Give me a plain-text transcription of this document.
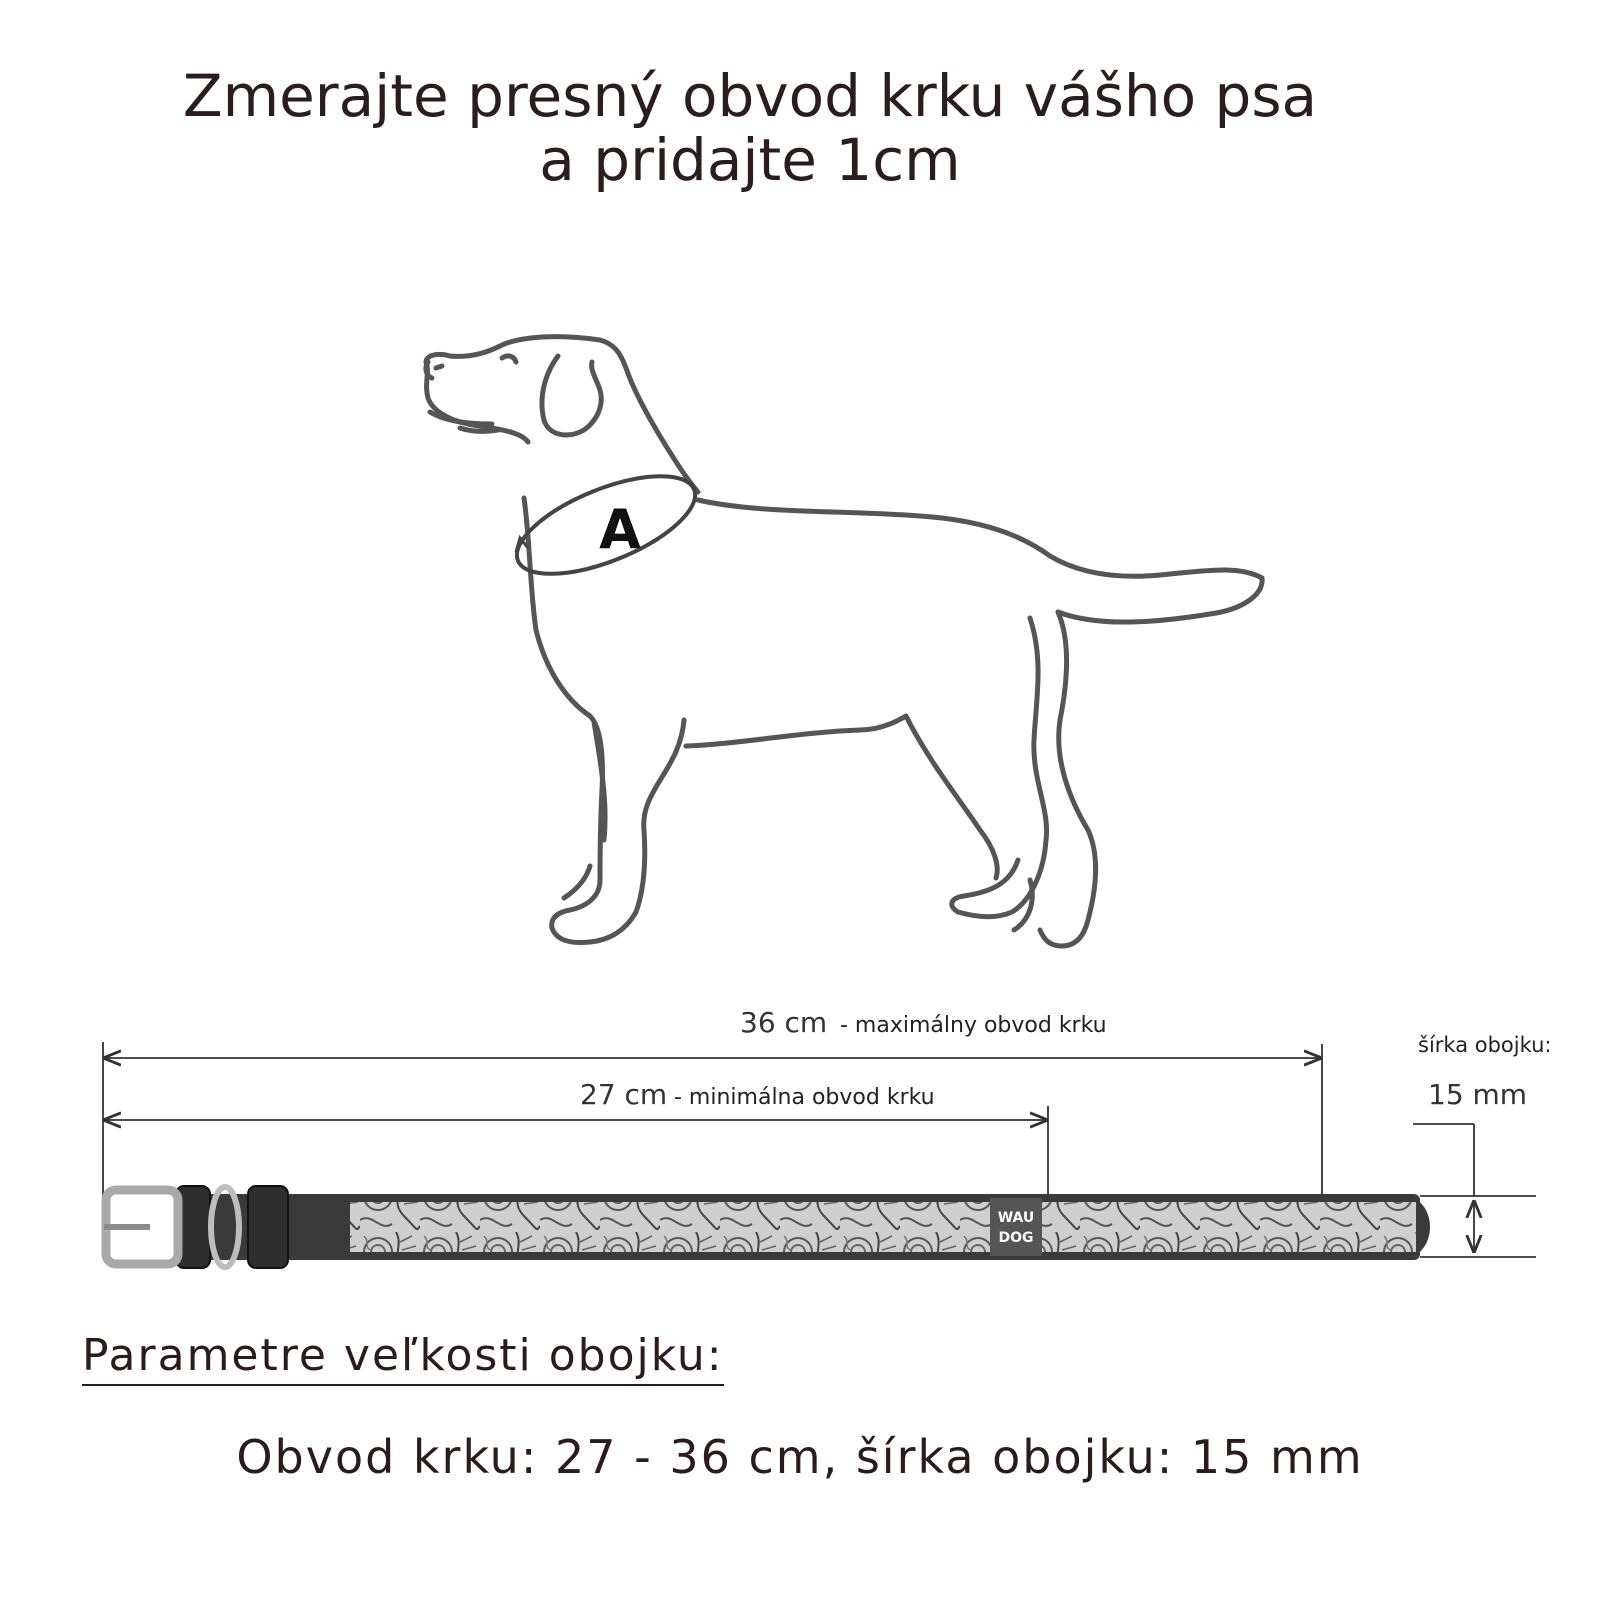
Zmerajte presný obvod krku vášho psa
a pridajte 1cm
A
36 cm - maximálny obvod krku
27 cm - minimálna obvod krku
šírka obojku:
15 mm
WAU
DOG
Parametre veľkosti obojku:
Obvod krku: 27 - 36 cm, šírka obojku: 15 mm
